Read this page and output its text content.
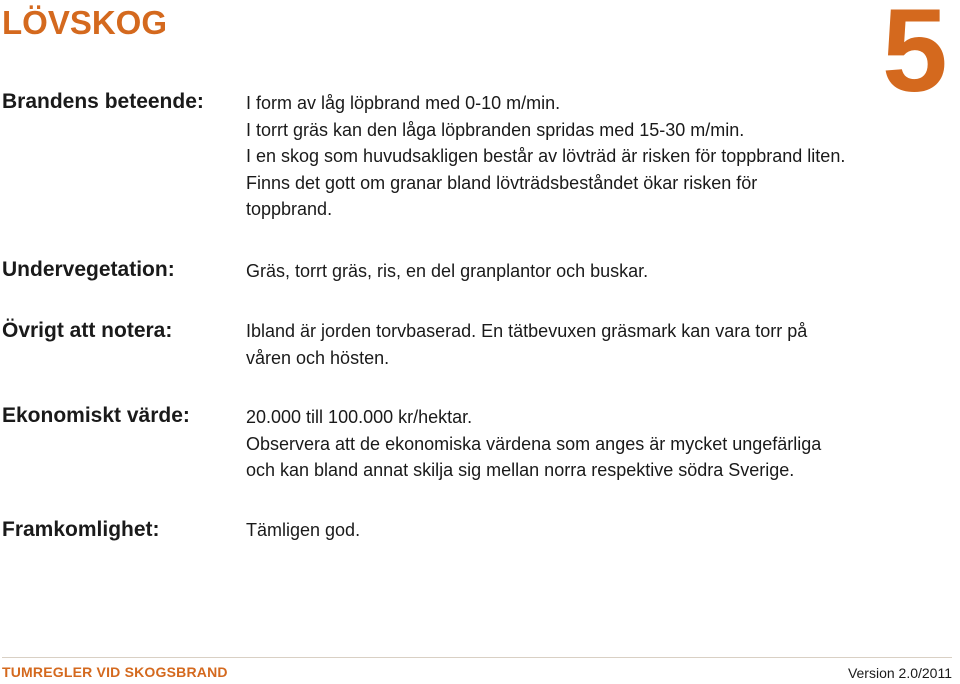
LÖVSKOG	5
Brandens beteende: I form av låg löpbrand med 0-10 m/min.
I torrt gräs kan den låga löpbranden spridas med 15-30 m/min.
I en skog som huvudsakligen består av lövträd är risken för toppbrand liten.
Finns det gott om granar bland lövträdsbeståndet ökar risken för
toppbrand.
Undervegetation:	Gräs, torrt gräs, ris, en del granplantor och buskar.
Övrigt att notera:	Ibland är jorden torvbaserad. En tätbevuxen gräsmark kan vara torr på
våren och hösten.
Ekonomiskt värde:	20.000 till 100.000 kr/hektar.
Observera att de ekonomiska värdena som anges är mycket ungefärliga
och kan bland annat skilja sig mellan norra respektive södra Sverige.
Framkomlighet:	Tämligen god.
TUMREGLER VID SKOGSBRAND	Version 2.0/2011
